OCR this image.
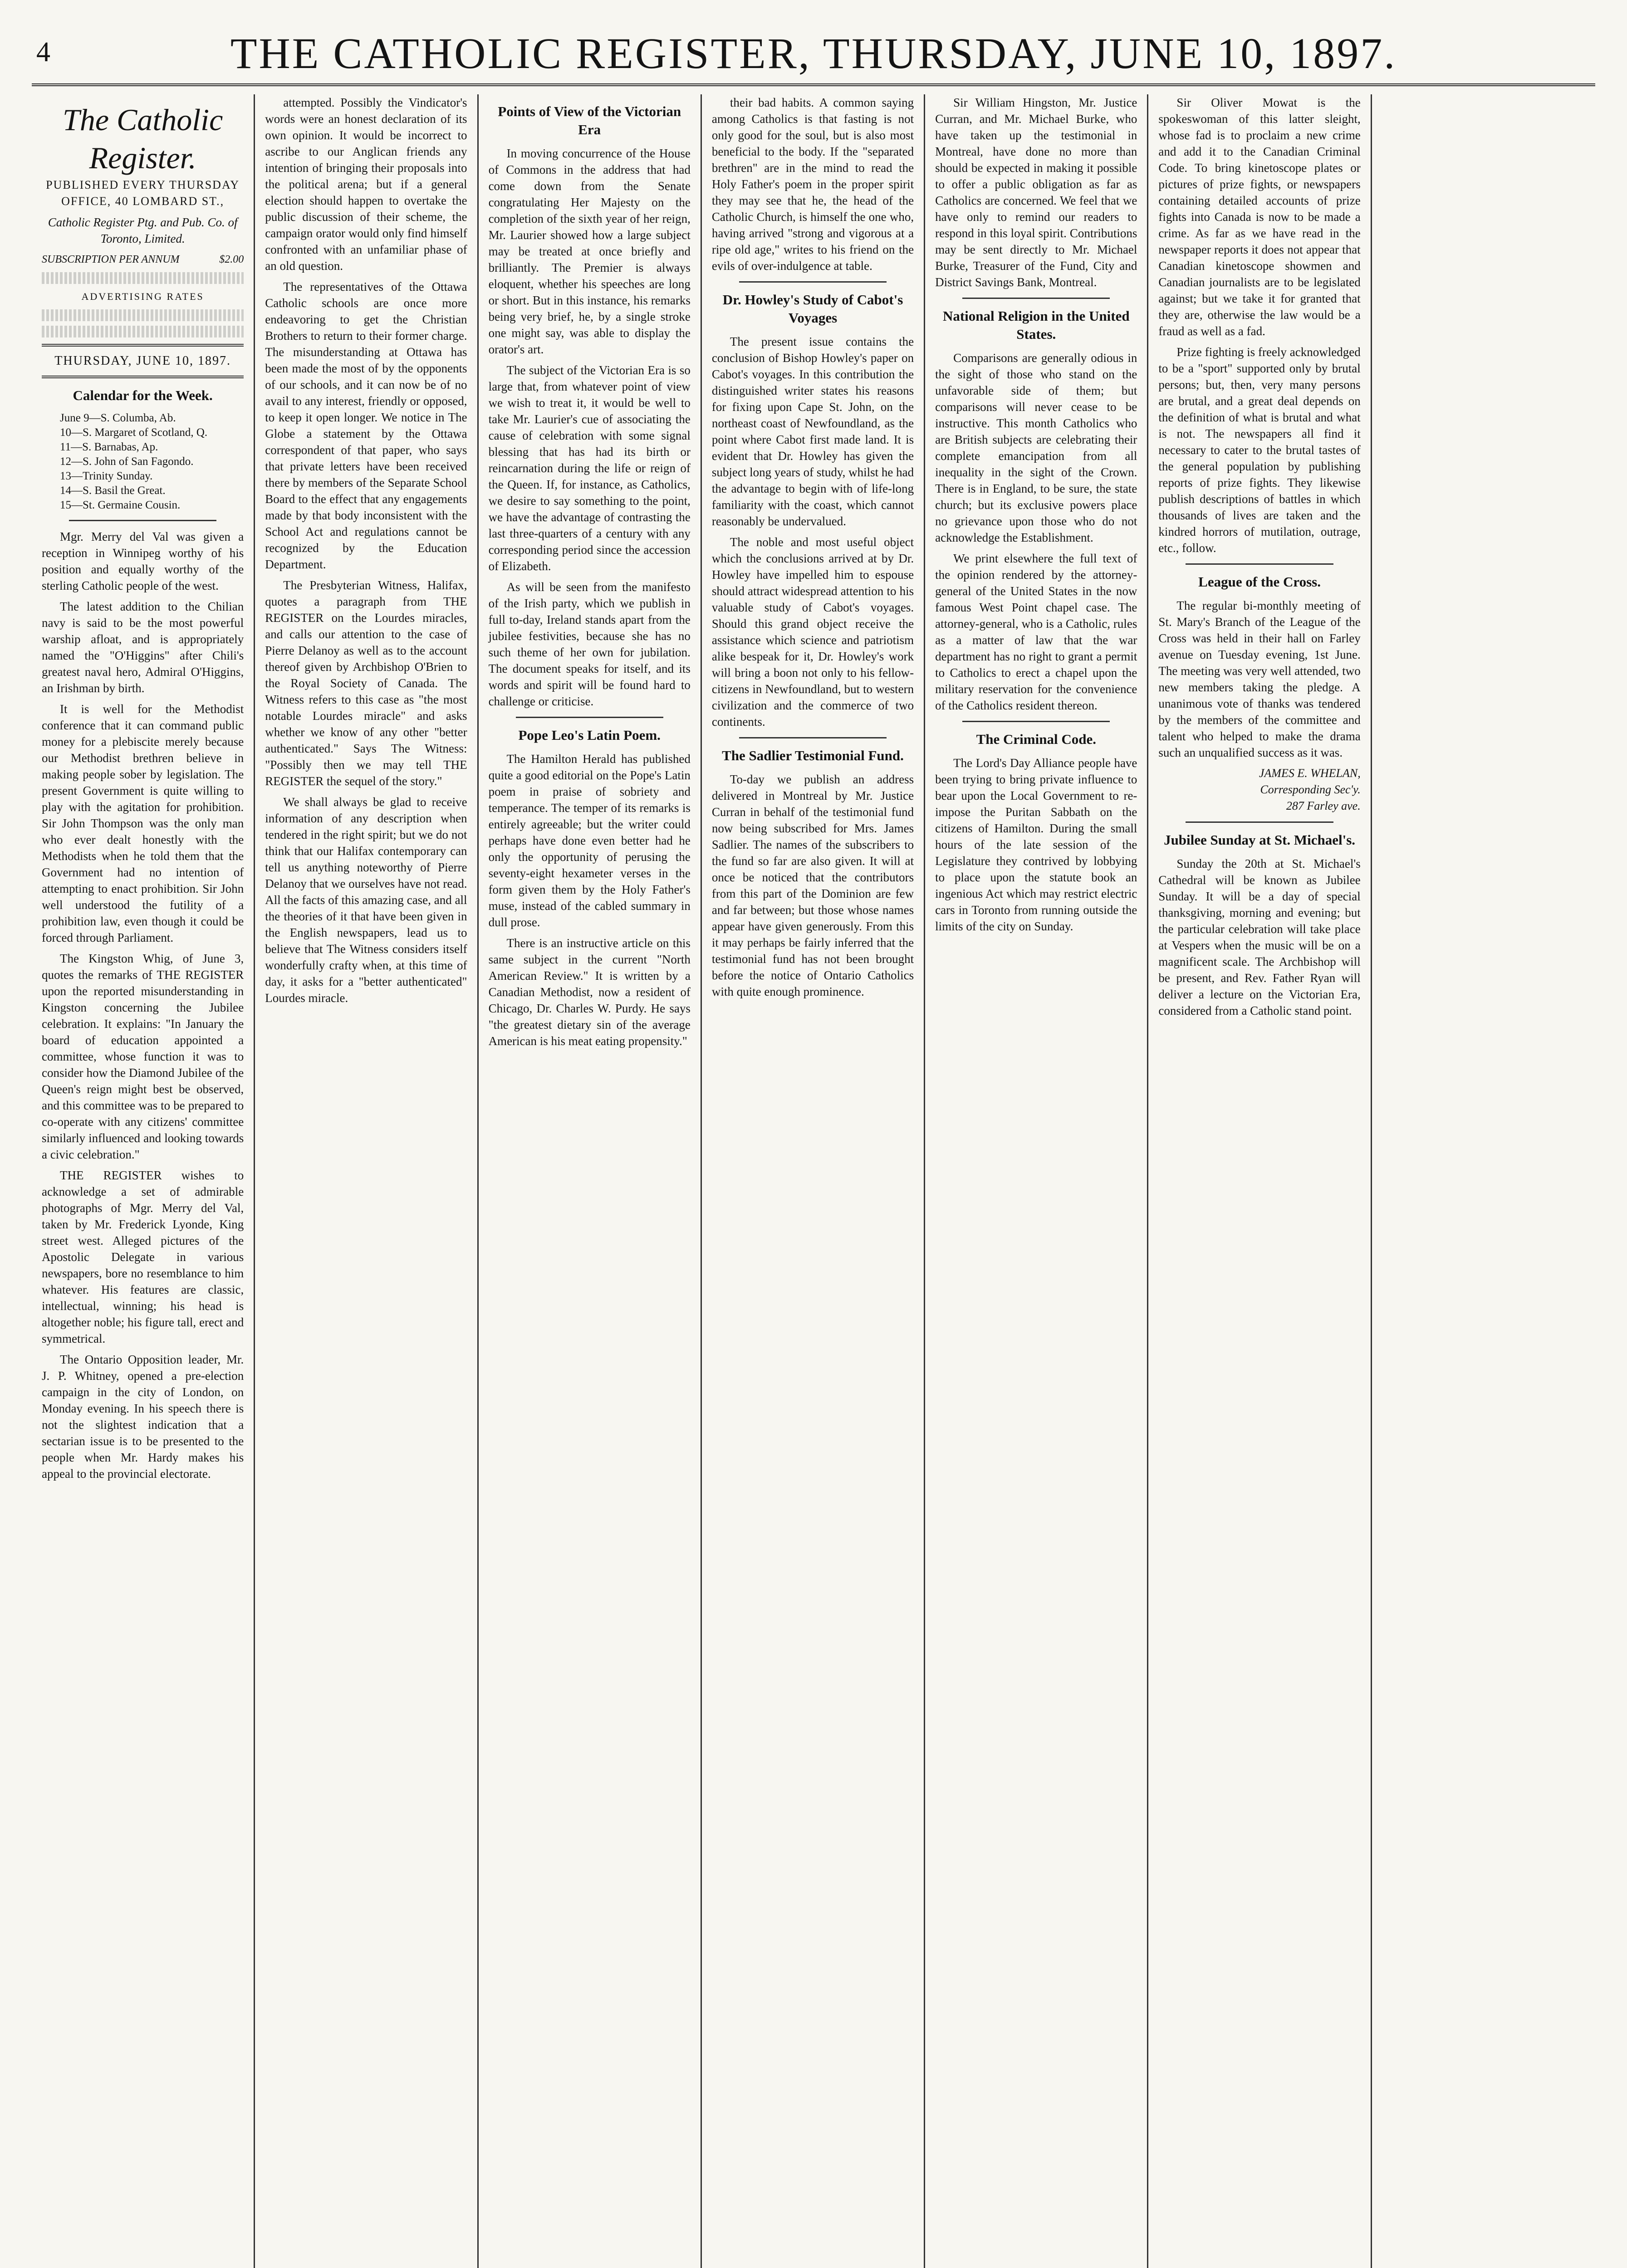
4	THE CATHOLIC REGISTER, THURSDAY, JUNE 10, 1897.
The Catholic Register.
PUBLISHED EVERY THURSDAY
OFFICE, 40 LOMBARD ST.,
Catholic Register Ptg. and Pub. Co. of Toronto, Limited.
SUBSCRIPTION PER ANNUM	$2.00
ADVERTISING RATES
THURSDAY, JUNE 10, 1897.
Calendar for the Week.
June 9—S. Columba, Ab.
10—S. Margaret of Scotland, Q.
11—S. Barnabas, Ap.
12—S. John of San Fagondo.
13—Trinity Sunday.
14—S. Basil the Great.
15—St. Germaine Cousin.

Mgr. Merry del Val was given a reception in Winnipeg worthy of his position and equally worthy of the sterling Catholic people of the west.

The latest addition to the Chilian navy is said to be the most powerful warship afloat, and is appropriately named the "O'Higgins" after Chili's greatest naval hero, Admiral O'Higgins, an Irishman by birth.

It is well for the Methodist conference that it can command public money for a plebiscite merely because our Methodist brethren believe in making people sober by legislation. The present Government is quite willing to play with the agitation for prohibition. Sir John Thompson was the only man who ever dealt honestly with the Methodists when he told them that the Government had no intention of attempting to enact prohibition. Sir John well understood the futility of a prohibition law, even though it could be forced through Parliament.

The Kingston Whig, of June 3, quotes the remarks of THE REGISTER upon the reported misunderstanding in Kingston concerning the Jubilee celebration. It explains: "In January the board of education appointed a committee, whose function it was to consider how the Diamond Jubilee of the Queen's reign might best be observed, and this committee was to be prepared to co-operate with any citizens' committee similarly influenced and looking towards a civic celebration."

THE REGISTER wishes to acknowledge a set of admirable photographs of Mgr. Merry del Val, taken by Mr. Frederick Lyonde, King street west. Alleged pictures of the Apostolic Delegate in various newspapers, bore no resemblance to him whatever. His features are classic, intellectual, winning; his head is altogether noble; his figure tall, erect and symmetrical.

The Ontario Opposition leader, Mr. J. P. Whitney, opened a pre-election campaign in the city of London, on Monday evening. In his speech there is not the slightest indication that a sectarian issue is to be presented to the people when Mr. Hardy makes his appeal to the provincial electorate.

attempted. Possibly the Vindicator's words were an honest declaration of its own opinion. It would be incorrect to ascribe to our Anglican friends any intention of bringing their proposals into the political arena; but if a general election should happen to overtake the public discussion of their scheme, the campaign orator would only find himself confronted with an unfamiliar phase of an old question.

The representatives of the Ottawa Catholic schools are once more endeavoring to get the Christian Brothers to return to their former charge. The misunderstanding at Ottawa has been made the most of by the opponents of our schools, and it can now be of no avail to any interest, friendly or opposed, to keep it open longer. We notice in The Globe a statement by the Ottawa correspondent of that paper, who says that private letters have been received there by members of the Separate School Board to the effect that any engagements made by that body inconsistent with the School Act and regulations cannot be recognized by the Education Department.

The Presbyterian Witness, Halifax, quotes a paragraph from THE REGISTER on the Lourdes miracles, and calls our attention to the case of Pierre Delanoy as well as to the account thereof given by Archbishop O'Brien to the Royal Society of Canada. The Witness refers to this case as "the most notable Lourdes miracle" and asks whether we know of any other "better authenticated." Says The Witness: "Possibly then we may tell THE REGISTER the sequel of the story."

We shall always be glad to receive information of any description when tendered in the right spirit; but we do not think that our Halifax contemporary can tell us anything noteworthy of Pierre Delanoy that we ourselves have not read. All the facts of this amazing case, and all the theories of it that have been given in the English newspapers, lead us to believe that The Witness considers itself wonderfully crafty when, at this time of day, it asks for a "better authenticated" Lourdes miracle.

Points of View of the Victorian Era

In moving concurrence of the House of Commons in the address that had come down from the Senate congratulating Her Majesty on the completion of the sixth year of her reign, Mr. Laurier showed how a large subject may be treated at once briefly and brilliantly. The Premier is always eloquent, whether his speeches are long or short. But in this instance, his remarks being very brief, he, by a single stroke one might say, was able to display the orator's art.

The subject of the Victorian Era is so large that, from whatever point of view we wish to treat it, it would be well to take Mr. Laurier's cue of associating the cause of celebration with some signal blessing that has had its birth or reincarnation during the life or reign of the Queen. If, for instance, as Catholics, we desire to say something to the point, we have the advantage of contrasting the last three-quarters of a century with any corresponding period since the accession of Elizabeth.

As will be seen from the manifesto of the Irish party, which we publish in full to-day, Ireland stands apart from the jubilee festivities, because she has no such theme of her own for jubilation. The document speaks for itself, and its words and spirit will be found hard to challenge or criticise.

Pope Leo's Latin Poem.

The Hamilton Herald has published quite a good editorial on the Pope's Latin poem in praise of sobriety and temperance. The temper of its remarks is entirely agreeable; but the writer could perhaps have done even better had he only the opportunity of perusing the seventy-eight hexameter verses in the form given them by the Holy Father's muse, instead of the cabled summary in dull prose.

There is an instructive article on this same subject in the current "North American Review." It is written by a Canadian Methodist, now a resident of Chicago, Dr. Charles W. Purdy. He says "the greatest dietary sin of the average American is his meat eating propensity."

their bad habits. A common saying among Catholics is that fasting is not only good for the soul, but is also most beneficial to the body. If the "separated brethren" are in the mind to read the Holy Father's poem in the proper spirit they may see that he, the head of the Catholic Church, is himself the one who, having arrived "strong and vigorous at a ripe old age," writes to his friend on the evils of over-indulgence at table.

Dr. Howley's Study of Cabot's Voyages

The present issue contains the conclusion of Bishop Howley's paper on Cabot's voyages. In this contribution the distinguished writer states his reasons for fixing upon Cape St. John, on the northeast coast of Newfoundland, as the point where Cabot first made land. It is evident that Dr. Howley has given the subject long years of study, whilst he had the advantage to begin with of life-long familiarity with the coast, which cannot reasonably be undervalued.

The noble and most useful object which the conclusions arrived at by Dr. Howley have impelled him to espouse should attract widespread attention to his valuable study of Cabot's voyages. Should this grand object receive the assistance which science and patriotism alike bespeak for it, Dr. Howley's work will bring a boon not only to his fellow-citizens in Newfoundland, but to western civilization and the commerce of two continents.

The Sadlier Testimonial Fund.

To-day we publish an address delivered in Montreal by Mr. Justice Curran in behalf of the testimonial fund now being subscribed for Mrs. James Sadlier. The names of the subscribers to the fund so far are also given. It will at once be noticed that the contributors from this part of the Dominion are few and far between; but those whose names appear have given generously. From this it may perhaps be fairly inferred that the testimonial fund has not been brought before the notice of Ontario Catholics with quite enough prominence.

Sir William Hingston, Mr. Justice Curran, and Mr. Michael Burke, who have taken up the testimonial in Montreal, have done no more than should be expected in making it possible to offer a public obligation as far as Catholics are concerned. We feel that we have only to remind our readers to respond in this loyal spirit. Contributions may be sent directly to Mr. Michael Burke, Treasurer of the Fund, City and District Savings Bank, Montreal.

National Religion in the United States.

Comparisons are generally odious in the sight of those who stand on the unfavorable side of them; but comparisons will never cease to be instructive. This month Catholics who are British subjects are celebrating their complete emancipation from all inequality in the sight of the Crown. There is in England, to be sure, the state church; but its exclusive powers place no grievance upon those who do not acknowledge the Establishment.

We print elsewhere the full text of the opinion rendered by the attorney-general of the United States in the now famous West Point chapel case. The attorney-general, who is a Catholic, rules as a matter of law that the war department has no right to grant a permit to Catholics to erect a chapel upon the military reservation for the convenience of the Catholics resident thereon.

The Criminal Code.

The Lord's Day Alliance people have been trying to bring private influence to bear upon the Local Government to re-impose the Puritan Sabbath on the citizens of Hamilton. During the small hours of the late session of the Legislature they contrived by lobbying to place upon the statute book an ingenious Act which may restrict electric cars in Toronto from running outside the limits of the city on Sunday.

Sir Oliver Mowat is the spokeswoman of this latter sleight, whose fad is to proclaim a new crime and add it to the Canadian Criminal Code. To bring kinetoscope plates or pictures of prize fights, or newspapers containing detailed accounts of prize fights into Canada is now to be made a crime. As far as we have read in the newspaper reports it does not appear that Canadian kinetoscope showmen and Canadian journalists are to be legislated against; but we take it for granted that they are, otherwise the law would be a fraud as well as a fad.

Prize fighting is freely acknowledged to be a "sport" supported only by brutal persons; but, then, very many persons are brutal, and a great deal depends on the definition of what is brutal and what is not. The newspapers all find it necessary to cater to the brutal tastes of the general population by publishing reports of prize fights. They likewise publish descriptions of battles in which thousands of lives are taken and the kindred horrors of mutilation, outrage, etc., follow.

League of the Cross.

The regular bi-monthly meeting of St. Mary's Branch of the League of the Cross was held in their hall on Farley avenue on Tuesday evening, 1st June. The meeting was very well attended, two new members taking the pledge. A unanimous vote of thanks was tendered by the members of the committee and talent who helped to make the drama such an unqualified success as it was.

JAMES E. WHELAN,
Corresponding Sec'y.
287 Farley ave.
Jubilee Sunday at St. Michael's.

Sunday the 20th at St. Michael's Cathedral will be known as Jubilee Sunday. It will be a day of special thanksgiving, morning and evening; but the particular celebration will take place at Vespers when the music will be on a magnificent scale. The Archbishop will be present, and Rev. Father Ryan will deliver a lecture on the Victorian Era, considered from a Catholic stand point.
